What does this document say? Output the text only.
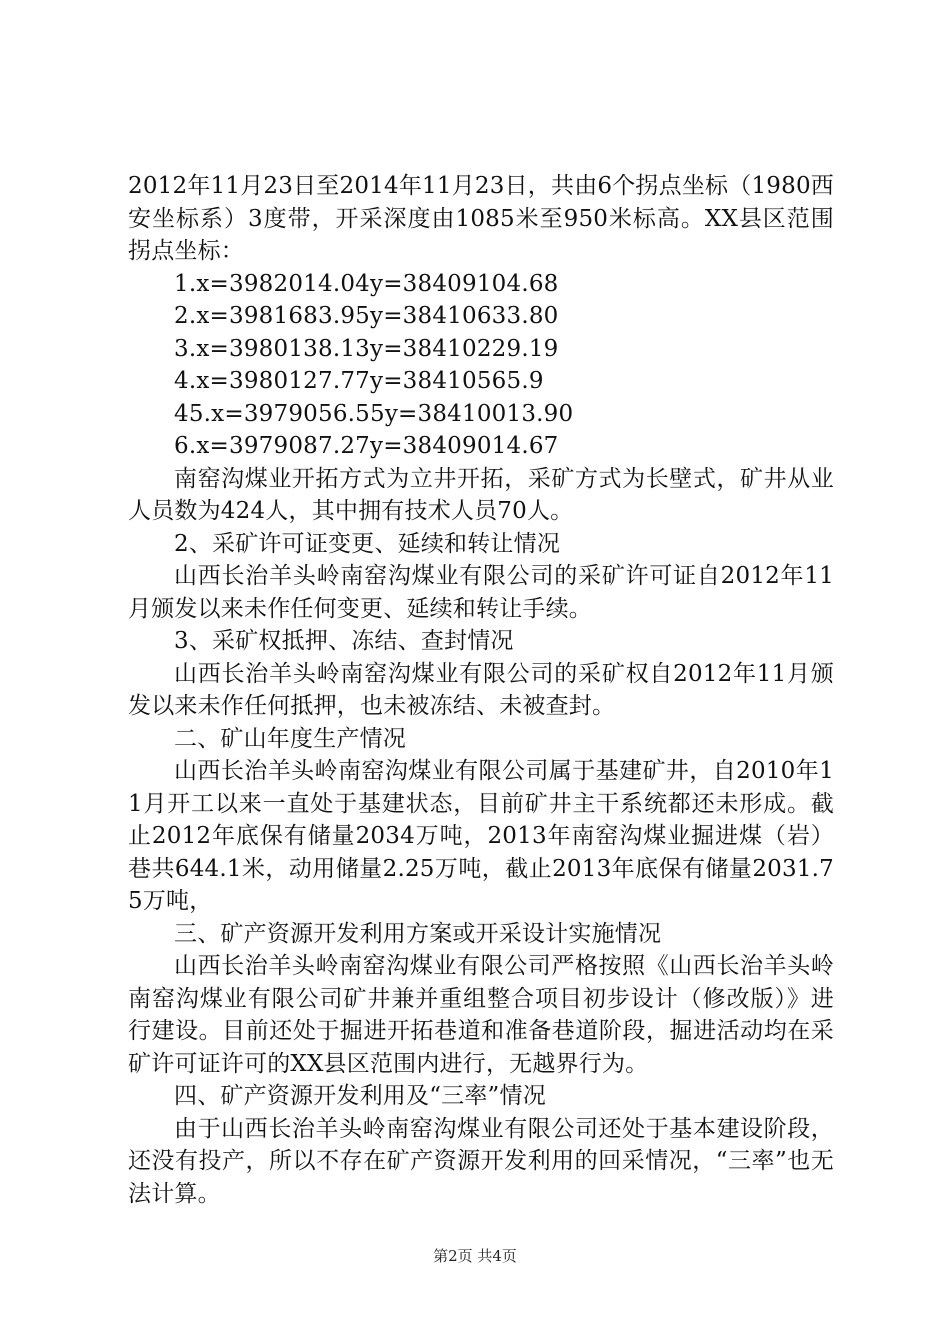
2012年11月23日至2014年11月23日，共由6个拐点坐标（1980西安坐标系）3度带，开采深度由1085米至950米标高。XX县区范围拐点坐标：

1.x=3982014.04y=38409104.68

2.x=3981683.95y=38410633.80

3.x=3980138.13y=38410229.19

4.x=3980127.77y=38410565.9

45.x=3979056.55y=38410013.90

6.x=3979087.27y=38409014.67

南窑沟煤业开拓方式为立井开拓，采矿方式为长壁式，矿井从业人员数为424人，其中拥有技术人员70人。

2、采矿许可证变更、延续和转让情况

山西长治羊头岭南窑沟煤业有限公司的采矿许可证自2012年11月颁发以来未作任何变更、延续和转让手续。

3、采矿权抵押、冻结、查封情况

山西长治羊头岭南窑沟煤业有限公司的采矿权自2012年11月颁发以来未作任何抵押，也未被冻结、未被查封。

二、矿山年度生产情况

山西长治羊头岭南窑沟煤业有限公司属于基建矿井，自2010年11月开工以来一直处于基建状态，目前矿井主干系统都还未形成。截止2012年底保有储量2034万吨，2013年南窑沟煤业掘进煤（岩）巷共644.1米，动用储量2.25万吨，截止2013年底保有储量2031.75万吨，

三、矿产资源开发利用方案或开采设计实施情况

山西长治羊头岭南窑沟煤业有限公司严格按照《山西长治羊头岭南窑沟煤业有限公司矿井兼并重组整合项目初步设计（修改版）》进行建设。目前还处于掘进开拓巷道和准备巷道阶段，掘进活动均在采矿许可证许可的XX县区范围内进行，无越界行为。

四、矿产资源开发利用及“三率”情况

由于山西长治羊头岭南窑沟煤业有限公司还处于基本建设阶段，还没有投产，所以不存在矿产资源开发利用的回采情况，“三率”也无法计算。

第2页 共4页
